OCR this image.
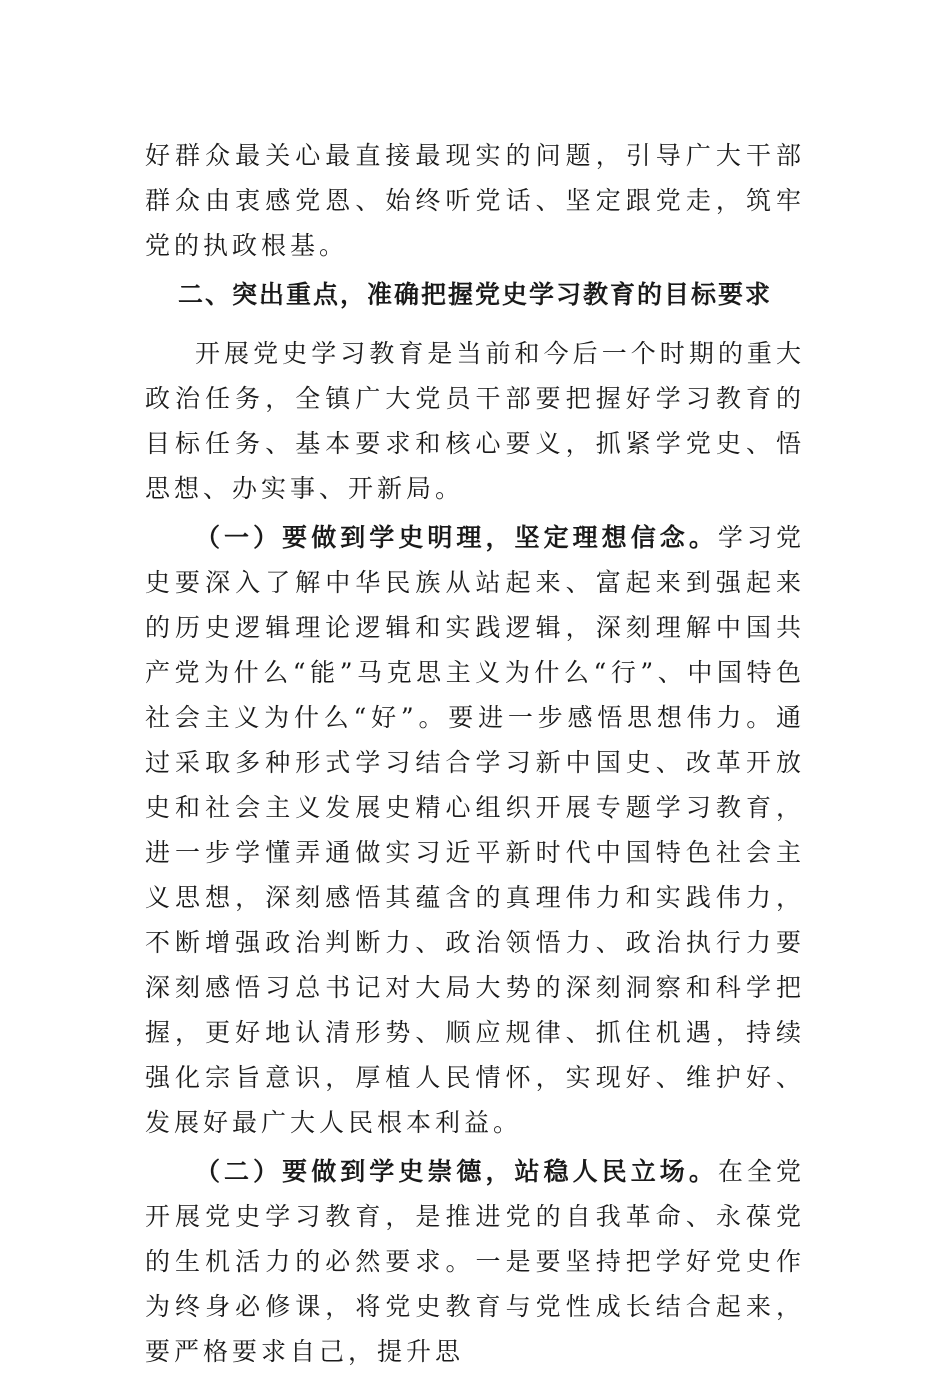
好群众最关心最直接最现实的问题，引导广大干部群众由衷感党恩、始终听党话、坚定跟党走，筑牢党的执政根基。

二、突出重点，准确把握党史学习教育的目标要求

开展党史学习教育是当前和今后一个时期的重大政治任务，全镇广大党员干部要把握好学习教育的目标任务、基本要求和核心要义，抓紧学党史、悟思想、办实事、开新局。

（一）要做到学史明理，坚定理想信念。学习党史要深入了解中华民族从站起来、富起来到强起来的历史逻辑理论逻辑和实践逻辑，深刻理解中国共产党为什么“能”马克思主义为什么“行”、中国特色社会主义为什么“好”。要进一步感悟思想伟力。通过采取多种形式学习结合学习新中国史、改革开放史和社会主义发展史精心组织开展专题学习教育，进一步学懂弄通做实习近平新时代中国特色社会主义思想，深刻感悟其蕴含的真理伟力和实践伟力，不断增强政治判断力、政治领悟力、政治执行力要深刻感悟习总书记对大局大势的深刻洞察和科学把握，更好地认清形势、顺应规律、抓住机遇，持续强化宗旨意识，厚植人民情怀，实现好、维护好、发展好最广大人民根本利益。

（二）要做到学史崇德，站稳人民立场。在全党开展党史学习教育，是推进党的自我革命、永葆党的生机活力的必然要求。一是要坚持把学好党史作为终身必修课，将党史教育与党性成长结合起来，要严格要求自己，提升思
